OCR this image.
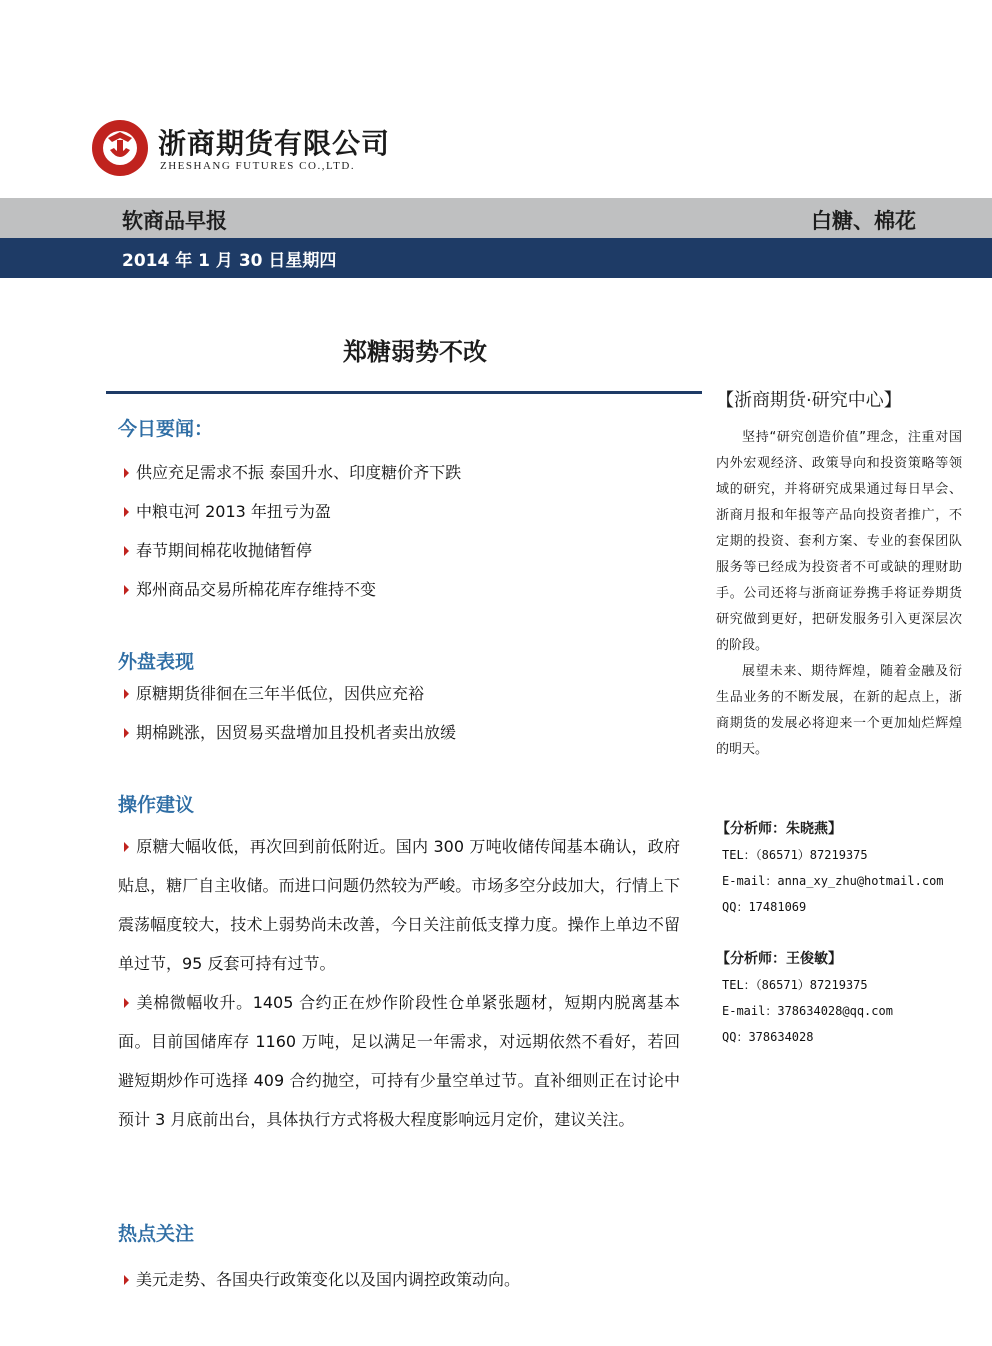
浙商期货有限公司
ZHESHANG FUTURES CO.,LTD.
软商品早报	白糖、棉花
2014 年 1 月 30 日星期四
郑糖弱势不改
今日要闻：
供应充足需求不振 泰国升水、印度糖价齐下跌
中粮屯河 2013 年扭亏为盈
春节期间棉花收抛储暂停
郑州商品交易所棉花库存维持不变
外盘表现
原糖期货徘徊在三年半低位，因供应充裕
期棉跳涨，因贸易买盘增加且投机者卖出放缓
操作建议
原糖大幅收低，再次回到前低附近。国内 300 万吨收储传闻基本确认，政府贴息，糖厂自主收储。而进口问题仍然较为严峻。市场多空分歧加大，行情上下震荡幅度较大，技术上弱势尚未改善，今日关注前低支撑力度。操作上单边不留单过节，95 反套可持有过节。
美棉微幅收升。1405 合约正在炒作阶段性仓单紧张题材，短期内脱离基本面。目前国储库存 1160 万吨，足以满足一年需求，对远期依然不看好，若回避短期炒作可选择 409 合约抛空，可持有少量空单过节。直补细则正在讨论中预计 3 月底前出台，具体执行方式将极大程度影响远月定价，建议关注。
热点关注
美元走势、各国央行政策变化以及国内调控政策动向。
【浙商期货·研究中心】

坚持“研究创造价值”理念，注重对国内外宏观经济、政策导向和投资策略等领域的研究，并将研究成果通过每日早会、浙商月报和年报等产品向投资者推广，不定期的投资、套利方案、专业的套保团队服务等已经成为投资者不可或缺的理财助手。公司还将与浙商证券携手将证券期货研究做到更好，把研发服务引入更深层次的阶段。

展望未来、期待辉煌，随着金融及衍生品业务的不断发展，在新的起点上，浙商期货的发展必将迎来一个更加灿烂辉煌的明天。

【分析师：朱晓燕】
TEL：（86571）87219375
E-mail：anna_xy_zhu@hotmail.com
QQ：17481069
【分析师：王俊敏】
TEL：（86571）87219375
E-mail：378634028@qq.com
QQ：378634028
